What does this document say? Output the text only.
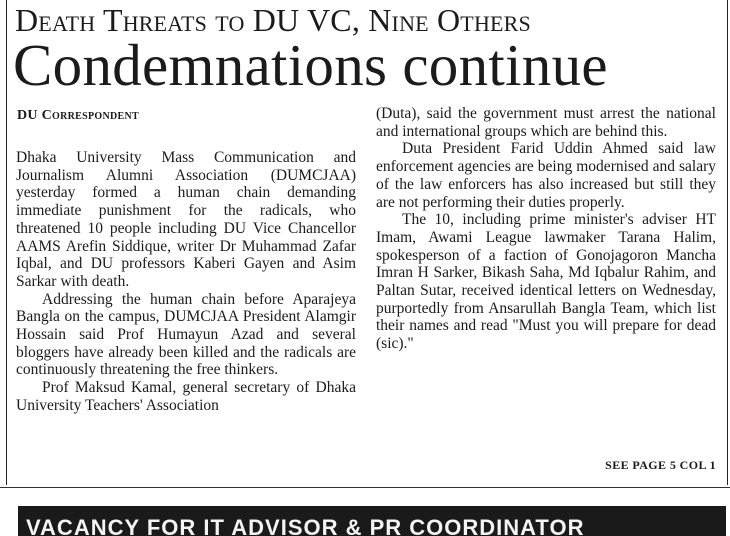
Death Threats to DU VC, Nine Others
Condemnations continue
DU Correspondent

Dhaka University Mass Communication and Journalism Alumni Association (DUMCJAA) yesterday formed a human chain demanding immediate punishment for the radicals, who threatened 10 people including DU Vice Chancellor AAMS Arefin Siddique, writer Dr Muhammad Zafar Iqbal, and DU professors Kaberi Gayen and Asim Sarkar with death.

Addressing the human chain before Aparajeya Bangla on the campus, DUMCJAA President Alamgir Hossain said Prof Humayun Azad and several bloggers have already been killed and the radicals are continuously threatening the free thinkers.

Prof Maksud Kamal, general secretary of Dhaka University Teachers' Association

(Duta), said the government must arrest the national and international groups which are behind this.

Duta President Farid Uddin Ahmed said law enforcement agencies are being modernised and salary of the law enforcers has also increased but still they are not performing their duties properly.

The 10, including prime minister's adviser HT Imam, Awami League lawmaker Tarana Halim, spokesperson of a faction of Gonojagoron Mancha Imran H Sarker, Bikash Saha, Md Iqbalur Rahim, and Paltan Sutar, received identical letters on Wednesday, purportedly from Ansarullah Bangla Team, which list their names and read "Must you will prepare for dead (sic)."

SEE PAGE 5 COL 1
VACANCY FOR IT ADVISOR & PR COORDINATOR
